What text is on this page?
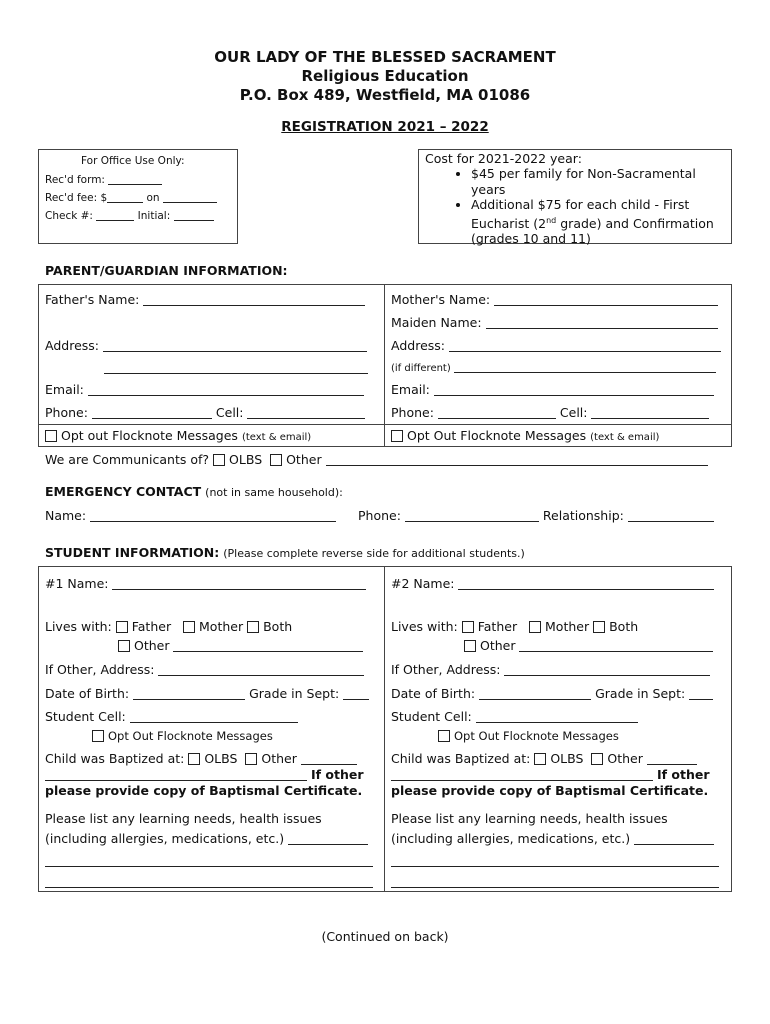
OUR LADY OF THE BLESSED SACRAMENT
Religious Education
P.O. Box 489, Westfield, MA 01086
REGISTRATION 2021 – 2022
For Office Use Only:
Rec'd form:
Rec'd fee: $	on
Check #:	Initial:
Cost for 2021-2022 year:
• $45 per family for Non-Sacramental years
• Additional $75 for each child - First Eucharist (2nd grade) and Confirmation (grades 10 and 11)
PARENT/GUARDIAN INFORMATION:
Father's Name:	Mother's Name:
Maiden Name:
Address:	Address:
(if different)
Email:	Email:
Phone:	Cell:	Phone:	Cell:
Opt out Flocknote Messages (text & email)	Opt Out Flocknote Messages (text & email)
We are Communicants of? OLBS Other
EMERGENCY CONTACT (not in same household):
Name:	Phone:	Relationship:
STUDENT INFORMATION: (Please complete reverse side for additional students.)
#1 Name:
Lives with: Father Mother Both
Other
If Other, Address:
Date of Birth:	Grade in Sept:
Student Cell:
Opt Out Flocknote Messages
Child was Baptized at: OLBS Other
If other
please provide copy of Baptismal Certificate.
Please list any learning needs, health issues
(including allergies, medications, etc.)
#2 Name:
Lives with: Father Mother Both
Other
If Other, Address:
Date of Birth:	Grade in Sept:
Student Cell:
Opt Out Flocknote Messages
Child was Baptized at: OLBS Other
If other
please provide copy of Baptismal Certificate.
Please list any learning needs, health issues
(including allergies, medications, etc.)
(Continued on back)
